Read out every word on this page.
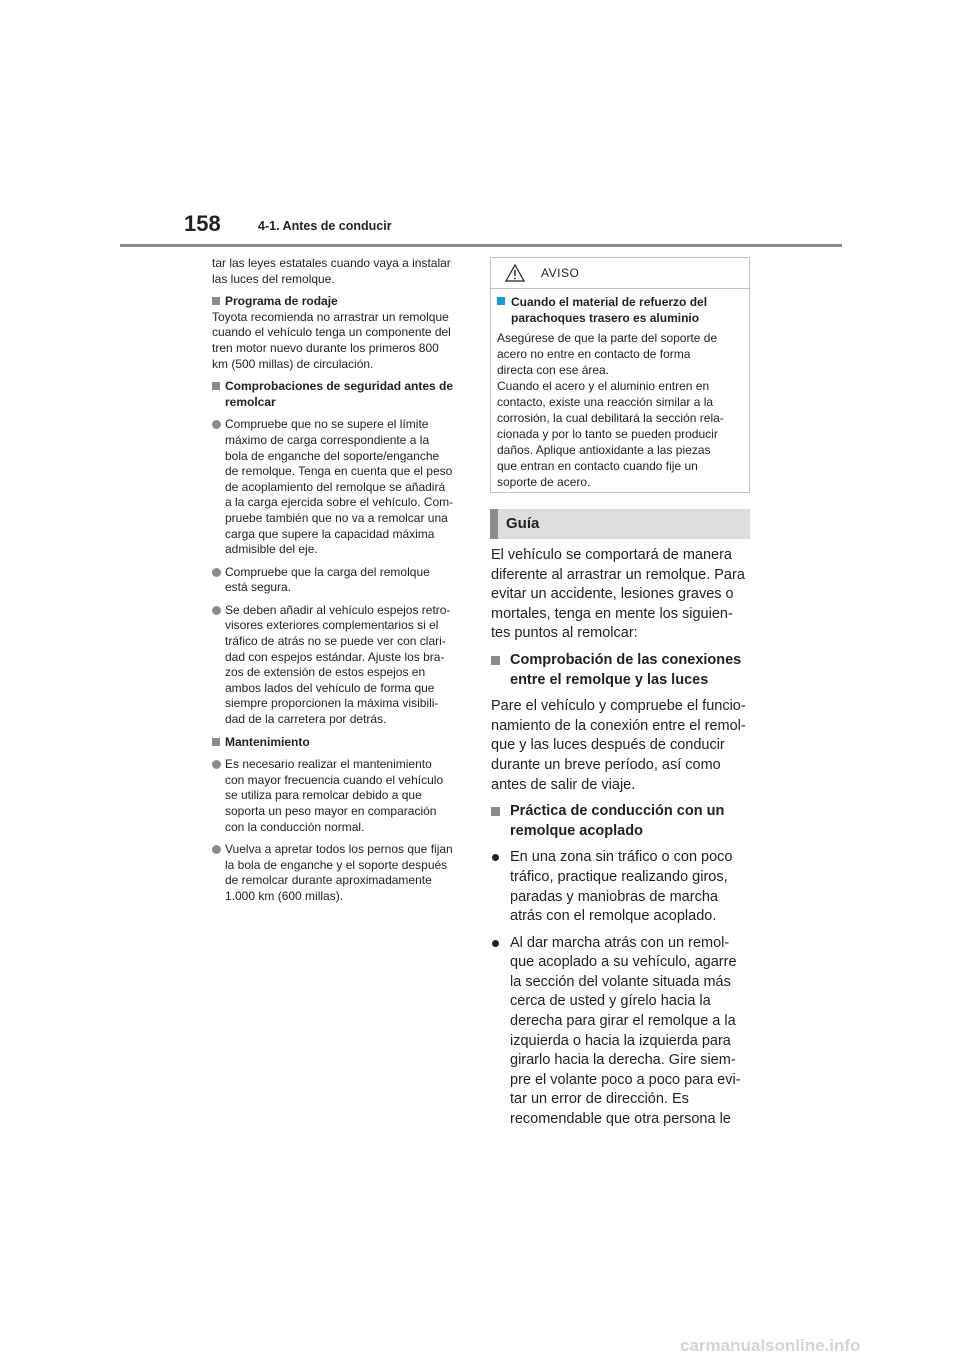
158	4-1. Antes de conducir

tar las leyes estatales cuando vaya a instalar

las luces del remolque.

Programa de rodaje

Toyota recomienda no arrastrar un remolque

cuando el vehículo tenga un componente del

tren motor nuevo durante los primeros 800

km (500 millas) de circulación.

Comprobaciones de seguridad antes de

remolcar

Compruebe que no se supere el límite

máximo de carga correspondiente a la

bola de enganche del soporte/enganche

de remolque. Tenga en cuenta que el peso

de acoplamiento del remolque se añadirá

a la carga ejercida sobre el vehículo. Com-

pruebe también que no va a remolcar una

carga que supere la capacidad máxima

admisible del eje.

Compruebe que la carga del remolque

está segura.

Se deben añadir al vehículo espejos retro-

visores exteriores complementarios si el

tráfico de atrás no se puede ver con clari-

dad con espejos estándar. Ajuste los bra-

zos de extensión de estos espejos en

ambos lados del vehículo de forma que

siempre proporcionen la máxima visibili-

dad de la carretera por detrás.

Mantenimiento

Es necesario realizar el mantenimiento

con mayor frecuencia cuando el vehículo

se utiliza para remolcar debido a que

soporta un peso mayor en comparación

con la conducción normal.

Vuelva a apretar todos los pernos que fijan

la bola de enganche y el soporte después

de remolcar durante aproximadamente

1.000 km (600 millas).

AVISO

Cuando el material de refuerzo del

parachoques trasero es aluminio

Asegúrese de que la parte del soporte de

acero no entre en contacto de forma

directa con ese área.

Cuando el acero y el aluminio entren en

contacto, existe una reacción similar a la

corrosión, la cual debilitará la sección rela-

cionada y por lo tanto se pueden producir

daños. Aplique antioxidante a las piezas

que entran en contacto cuando fije un

soporte de acero.

Guía

El vehículo se comportará de manera

diferente al arrastrar un remolque. Para

evitar un accidente, lesiones graves o

mortales, tenga en mente los siguien-

tes puntos al remolcar:

Comprobación de las conexiones

entre el remolque y las luces

Pare el vehículo y compruebe el funcio-

namiento de la conexión entre el remol-

que y las luces después de conducir

durante un breve período, así como

antes de salir de viaje.

Práctica de conducción con un

remolque acoplado

En una zona sin tráfico o con poco

tráfico, practique realizando giros,

paradas y maniobras de marcha

atrás con el remolque acoplado.

Al dar marcha atrás con un remol-

que acoplado a su vehículo, agarre

la sección del volante situada más

cerca de usted y gírelo hacia la

derecha para girar el remolque a la

izquierda o hacia la izquierda para

girarlo hacia la derecha. Gire siem-

pre el volante poco a poco para evi-

tar un error de dirección. Es

recomendable que otra persona le

carmanualsonline.info
